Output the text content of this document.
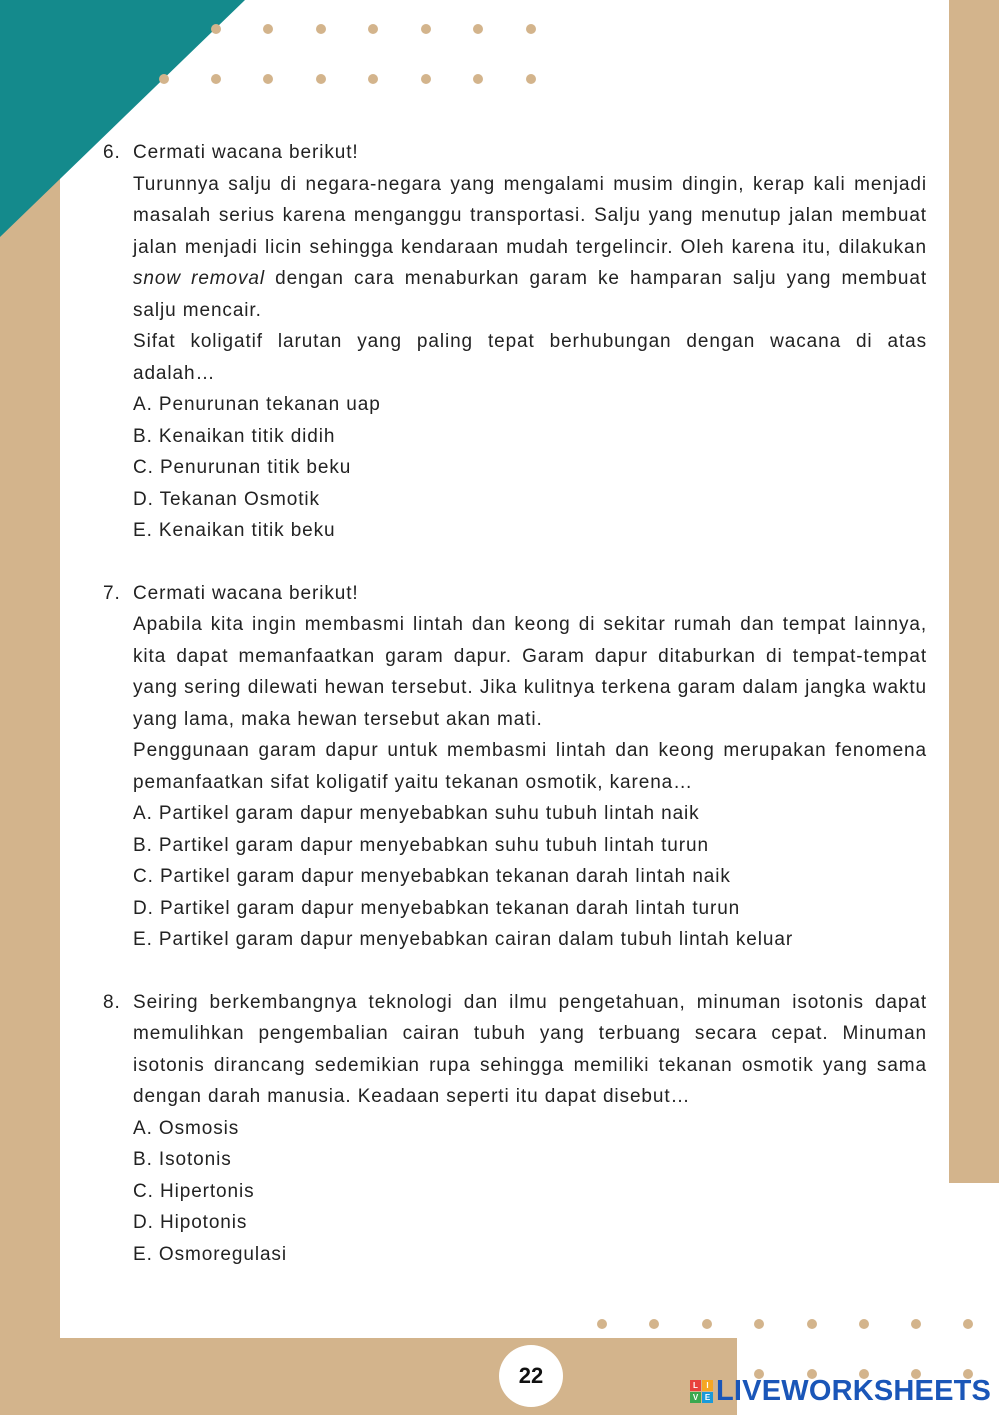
6. Cermati wacana berikut!

Turunnya salju di negara-negara yang mengalami musim dingin, kerap kali menjadi masalah serius karena menganggu transportasi. Salju yang menutup jalan membuat jalan menjadi licin sehingga kendaraan mudah tergelincir. Oleh karena itu, dilakukan snow removal dengan cara menaburkan garam ke hamparan salju yang membuat salju mencair.

Sifat koligatif larutan yang paling tepat berhubungan dengan wacana di atas adalah…

A. Penurunan tekanan uap

B. Kenaikan titik didih

C. Penurunan titik beku

D. Tekanan Osmotik

E. Kenaikan titik beku

7. Cermati wacana berikut!

Apabila kita ingin membasmi lintah dan keong di sekitar rumah dan tempat lainnya, kita dapat memanfaatkan garam dapur. Garam dapur ditaburkan di tempat-tempat yang sering dilewati hewan tersebut. Jika kulitnya terkena garam dalam jangka waktu yang lama, maka hewan tersebut akan mati.

Penggunaan garam dapur untuk membasmi lintah dan keong merupakan fenomena pemanfaatkan sifat koligatif yaitu tekanan osmotik, karena…

A. Partikel garam dapur menyebabkan suhu tubuh lintah naik

B. Partikel garam dapur menyebabkan suhu tubuh lintah turun

C. Partikel garam dapur menyebabkan tekanan darah lintah naik

D. Partikel garam dapur menyebabkan tekanan darah lintah turun

E. Partikel garam dapur menyebabkan cairan dalam tubuh lintah keluar

8. Seiring berkembangnya teknologi dan ilmu pengetahuan, minuman isotonis dapat memulihkan pengembalian cairan tubuh yang terbuang secara cepat. Minuman isotonis dirancang sedemikian rupa sehingga memiliki tekanan osmotik yang sama dengan darah manusia. Keadaan seperti itu dapat disebut…

A. Osmosis

B. Isotonis

C. Hipertonis

D. Hipotonis

E. Osmoregulasi

22	L	I
V E LIVEWORKSHEETS
